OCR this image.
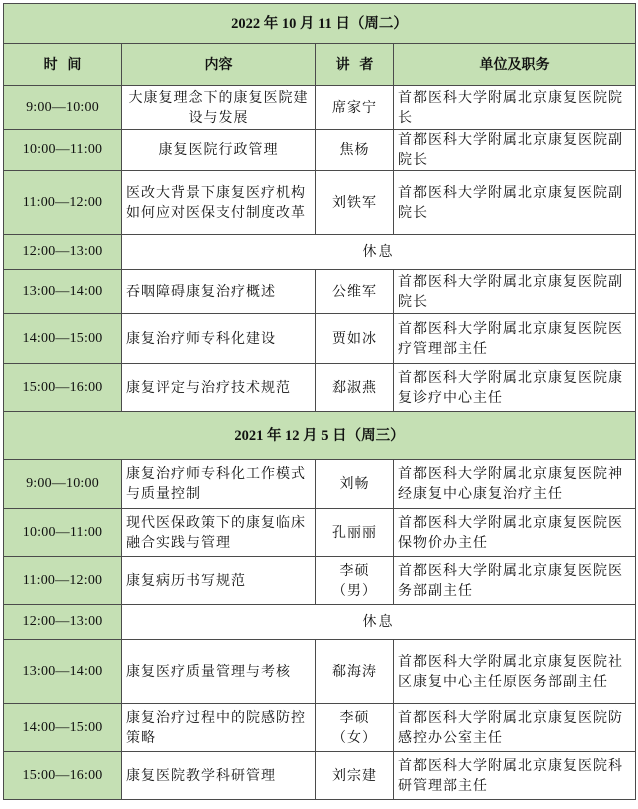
2022 年 10 月 11 日（周二）			
时  间	内容	讲  者	单位及职务
9:00—10:00	大康复理念下的康复医院建设与发展	席家宁	首都医科大学附属北京康复医院院长
10:00—11:00	康复医院行政管理	焦杨	首都医科大学附属北京康复医院副院长
11:00—12:00	医改大背景下康复医疗机构如何应对医保支付制度改革	刘铁军	首都医科大学附属北京康复医院副院长
12:00—13:00	休息		
13:00—14:00	吞咽障碍康复治疗概述	公维军	首都医科大学附属北京康复医院副院长
14:00—15:00	康复治疗师专科化建设	贾如冰	首都医科大学附属北京康复医院医疗管理部主任
15:00—16:00	康复评定与治疗技术规范	郄淑燕	首都医科大学附属北京康复医院康复诊疗中心主任
2021 年 12 月 5 日（周三）			
9:00—10:00	康复治疗师专科化工作模式与质量控制	刘畅	首都医科大学附属北京康复医院神经康复中心康复治疗主任
10:00—11:00	现代医保政策下的康复临床融合实践与管理	孔丽丽	首都医科大学附属北京康复医院医保物价办主任
11:00—12:00	康复病历书写规范	李硕（男）	首都医科大学附属北京康复医院医务部副主任
12:00—13:00	休息		
13:00—14:00	康复医疗质量管理与考核	郗海涛	首都医科大学附属北京康复医院社区康复中心主任原医务部副主任
14:00—15:00	康复治疗过程中的院感防控策略	李硕（女）	首都医科大学附属北京康复医院防感控办公室主任
15:00—16:00	康复医院教学科研管理	刘宗建	首都医科大学附属北京康复医院科研管理部主任
